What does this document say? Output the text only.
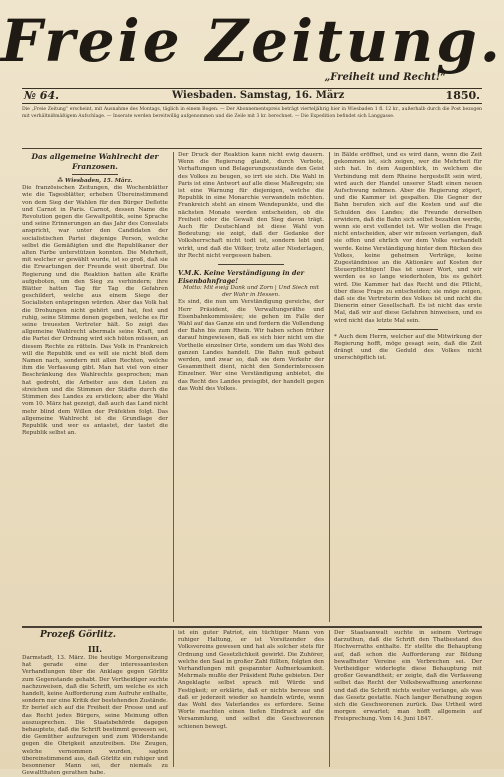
Freie Zeitung.
„Freiheit und Recht!“
№ 64.	Wiesbaden. Samstag, 16. März	1850.
Die „Freie Zeitung“ erscheint, mit Ausnahme des Montags, täglich in einem Bogen. — Der Abonnementspreis beträgt vierteljährig hier in Wiesbaden 1 fl. 12 kr., außerhalb durch die Post bezogen mit verhältnißmäßigem Aufschlage. — Inserate werden bereitwillig aufgenommen und die Zeile mit 3 kr. berechnet. — Die Expedition befindet sich Langgasse.
Das allgemeine Wahlrecht der Franzosen.
⁂ Wiesbaden, 15. März.
Die französischen Zeitungen, die Wochenblätter wie die Tagesblätter, erheben Übereinstimmend von dem Sieg der Wahlen für den Bürger Deflotte und Carnot in Paris. Carnot, dessen Name die Revolution gegen die Gewaltpolitik, seine Sprache und seine Erinnerungen an das Jahr des Consulats anspricht, war unter den Candidaten der socialistischen Partei diejenige Person, welche selbst die Gemäßigten und die Republikaner der alten Farbe unterstützen konnten. Die Mehrheit, mit welcher er gewählt wurde, ist so groß, daß sie die Erwartungen der Freunde weit übertraf. Die Regierung und die Reaktion hatten alle Kräfte aufgeboten, um den Sieg zu verhindern; ihre Blätter hatten Tag für Tag die Gefahren geschildert, welche aus einem Siege der Socialisten entspringen würden. Aber das Volk hat die Drohungen nicht gehört und hat, fest und ruhig, seine Stimme denen gegeben, welche es für seine treuesten Vertreter hält. So zeigt das allgemeine Wahlrecht abermals seine Kraft, und die Partei der Ordnung wird sich hüten müssen, an diesem Rechte zu rütteln. Das Volk in Frankreich will die Republik und es will sie nicht bloß dem Namen nach, sondern mit allen Rechten, welche ihm die Verfassung gibt. Man hat viel von einer Beschränkung des Wahlrechts gesprochen; man hat gedroht, die Arbeiter aus den Listen zu streichen und die Stimmen der Städte durch die Stimmen des Landes zu ersticken; aber die Wahl vom 10. März hat gezeigt, daß auch das Land nicht mehr blind dem Willen der Präfekten folgt. Das allgemeine Wahlrecht ist die Grundlage der Republik und wer es antastet, der tastet die Republik selbst an.
Der Druck der Reaktion kann nicht ewig dauern. Wenn die Regierung glaubt, durch Verbote, Verhaftungen und Belagerungszustände den Geist des Volkes zu beugen, so irrt sie sich. Die Wahl in Paris ist eine Antwort auf alle diese Maßregeln; sie ist eine Warnung für diejenigen, welche die Republik in eine Monarchie verwandeln möchten. Frankreich steht an einem Wendepunkte, und die nächsten Monate werden entscheiden, ob die Freiheit oder die Gewalt den Sieg davon trägt. Auch für Deutschland ist diese Wahl von Bedeutung; sie zeigt, daß der Gedanke der Volksherrschaft nicht todt ist, sondern lebt und wirkt, und daß die Völker, trotz aller Niederlagen, ihr Recht nicht vergessen haben.
V.M.K. Keine Verständigung in der Eisenbahnfrage!
Motto: Mit ewig Dank und Zorn | Und Siech mit der Wahr in Hessen.
Es sind, die nun um Verständigung gereiche, der Herr Präsident, die Verwaltungsräthe und Eisenbahnkommissäre; sie gehen im Falle der Wahl auf das Ganze ein und fordern die Vollendung der Bahn bis zum Rhein. Wir haben schon früher darauf hingewiesen, daß es sich hier nicht um die Vortheile einzelner Orte, sondern um das Wohl des ganzen Landes handelt. Die Bahn muß gebaut werden, und zwar so, daß sie dem Verkehr der Gesammtheit dient, nicht den Sonderinteressen Einzelner. Wer eine Verständigung anbietet, die das Recht des Landes preisgibt, der handelt gegen das Wohl des Volkes.
in Bälde eröffnet, und es wird dann, wenn die Zeit gekommen ist, sich zeigen, wer die Mehrheit für sich hat. In dem Augenblick, in welchem die Verbindung mit dem Rheine hergestellt sein wird, wird auch der Handel unserer Stadt einen neuen Aufschwung nehmen. Aber die Regierung zögert, und die Kammer ist gespalten. Die Gegner der Bahn berufen sich auf die Kosten und auf die Schulden des Landes; die Freunde derselben erwidern, daß die Bahn sich selbst bezahlen werde, wenn sie erst vollendet ist. Wir wollen die Frage nicht entscheiden, aber wir müssen verlangen, daß sie offen und ehrlich vor dem Volke verhandelt werde. Keine Verständigung hinter dem Rücken des Volkes, keine geheimen Verträge, keine Zugeständnisse an die Aktionäre auf Kosten der Steuerpflichtigen! Das ist unser Wort, und wir werden es so lange wiederholen, bis es gehört wird. Die Kammer hat das Recht und die Pflicht, über diese Frage zu entscheiden; sie möge zeigen, daß sie die Vertreterin des Volkes ist und nicht die Dienerin einer Gesellschaft. Es ist nicht das erste Mal, daß wir auf diese Gefahren hinweisen, und es wird nicht das letzte Mal sein.
* Auch dem Herrn, welcher auf die Mitwirkung der Regierung hofft, möge gesagt sein, daß die Zeit drängt und die Geduld des Volkes nicht unerschöpflich ist.
Prozeß Görlitz.
III.
Darmstadt, 13. März. Die heutige Morgensitzung hat gerade eine der interessantesten Verhandlungen über die Anklage gegen Görlitz zum Gegenstande gehabt. Der Vertheidiger suchte nachzuweisen, daß die Schrift, um welche es sich handelt, keine Aufforderung zum Aufruhr enthalte, sondern nur eine Kritik der bestehenden Zustände. Er berief sich auf die Freiheit der Presse und auf das Recht jedes Bürgers, seine Meinung offen auszusprechen. Die Staatsbehörde dagegen behauptete, daß die Schrift bestimmt gewesen sei, die Gemüther aufzuregen und zum Widerstande gegen die Obrigkeit anzutreiben. Die Zeugen, welche vernommen wurden, sagten übereinstimmend aus, daß Görlitz ein ruhiger und besonnener Mann sei, der niemals zu Gewaltthaten gerathen habe.
ist ein guter Patriot, ein tüchtiger Mann von ruhiger Haltung, er ist Vorsitzender des Volksvereins gewesen und hat als solcher stets für Ordnung und Gesetzlichkeit gewirkt. Die Zuhörer, welche den Saal in großer Zahl füllten, folgten den Verhandlungen mit gespannter Aufmerksamkeit. Mehrmals mußte der Präsident Ruhe gebieten. Der Angeklagte selbst sprach mit Würde und Festigkeit; er erklärte, daß er nichts bereue und daß er jederzeit wieder so handeln würde, wenn das Wohl des Vaterlandes es erfordere. Seine Worte machten einen tiefen Eindruck auf die Versammlung, und selbst die Geschworenen schienen bewegt.
Der Staatsanwalt suchte in seinem Vortrage darzuthun, daß die Schrift den Thatbestand des Hochverraths enthalte. Er stellte die Behauptung auf, daß schon die Aufforderung zur Bildung bewaffneter Vereine ein Verbrechen sei. Der Vertheidiger widerlegte diese Behauptung mit großer Gewandtheit; er zeigte, daß die Verfassung selbst das Recht der Volksbewaffnung anerkenne und daß die Schrift nichts weiter verlange, als was das Gesetz gestatte. Nach langer Berathung zogen sich die Geschworenen zurück. Das Urtheil wird morgen erwartet; man hofft allgemein auf Freisprechung. Vom 14. Juni 1847.
